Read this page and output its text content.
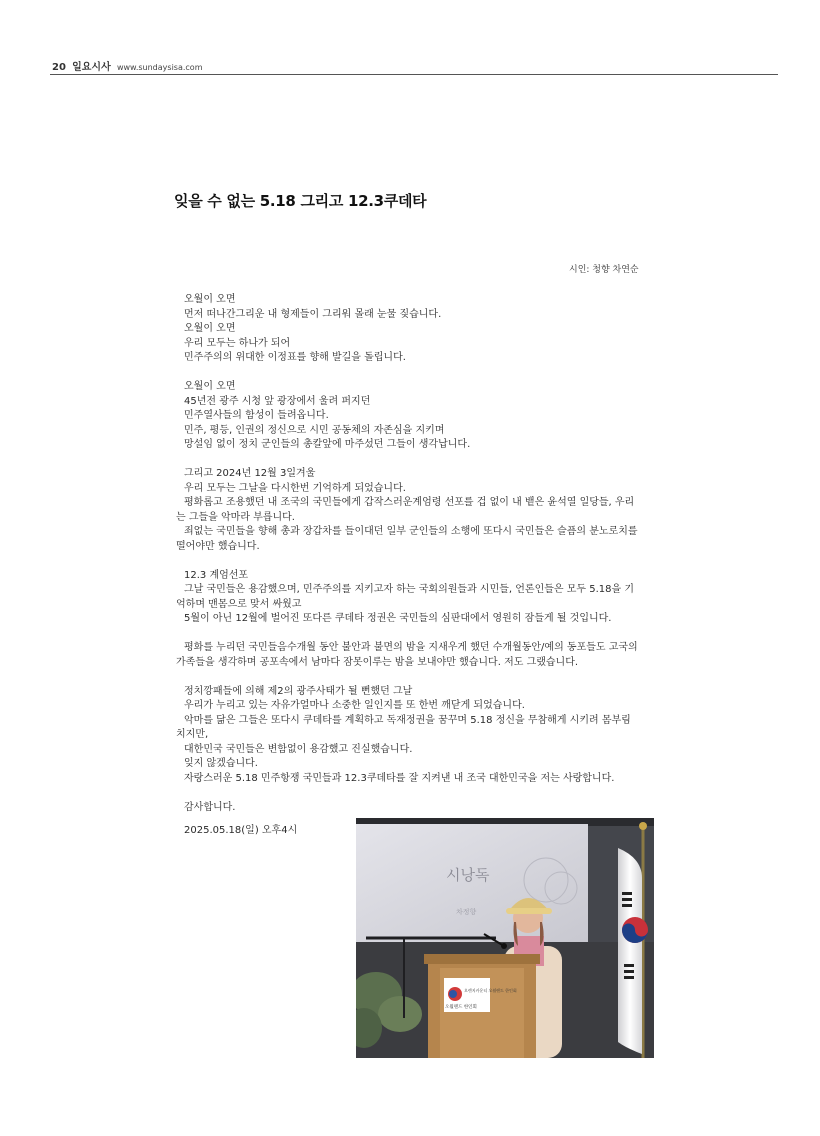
20 일요시사 www.sundaysisa.com
잊을 수 없는 5.18 그리고 12.3쿠데타
시인: 청향 차연순
오월이 오면
먼저 떠나간그리운 내 형제들이 그리워 몰래 눈물 짖습니다.
오월이 오면
우리 모두는 하나가 되어
민주주의의 위대한 이정표를 향해 발길을 돌립니다.
오월이 오면
45년전 광주 시청 앞 광장에서 울려 퍼지던
민주열사들의 함성이 들려옵니다.
민주, 평등, 인권의 정신으로 시민 공동체의 자존심을 지키며
망설임 없이 정치 군인들의 총칼앞에 마주섰던 그들이 생각납니다.
그리고 2024년 12월 3일겨울
우리 모두는 그날을 다시한번 기억하게 되었습니다.
평화롭고 조용했던 내 조국의 국민들에게 갑작스러운계엄령 선포를 겁 없이 내 뱉은 윤석열 일당들, 우리
는 그들을 악마라 부릅니다.
죄없는 국민들을 향해 총과 장갑차를 들이대던 일부 군인들의 소행에 또다시 국민들은 슬픔의 분노로치를
떨어야만 했습니다.
12.3 계엄선포
그날 국민들은 용감했으며, 민주주의를 지키고자 하는 국회의원들과 시민들, 언론인들은 모두 5.18을 기
억하며 맨몸으로 맞서 싸웠고
5월이 아닌 12월에 벌어진 또다른 쿠데타 정권은 국민들의 심판대에서 영원히 잠들게 될 것입니다.
평화를 누리던 국민들음수개월 동안 불안과 불면의 밤을 지새우게 했던 수개월동안/예의 동포들도 고국의
가족들을 생각하며 공포속에서 남마다 잠못이루는 밤을 보내야만 했습니다. 저도 그랬습니다.
정치깡패들에 의해 제2의 광주사태가 될 뻔했던 그날
우리가 누리고 있는 자유가얼마나 소중한 일인지를 또 한번 깨닫게 되었습니다.
악마를 닮은 그들은 또다시 쿠데타를 계획하고 독재정권을 꿈꾸며 5.18 정신을 무참해게 시키려 몸부림
치지만,
대한민국 국민들은 변함없이 용감했고 진실했습니다.
잊지 않겠습니다.
자랑스러운 5.18 민주항쟁 국민들과 12.3쿠데타를 잘 지켜낸 내 조국 대한민국을 저는 사랑합니다.
감사합니다.
2025.05.18(일) 오후4시
시낭독
차정향
오렌지카운티 오월랜드 한인회
오월랜드 한인회
